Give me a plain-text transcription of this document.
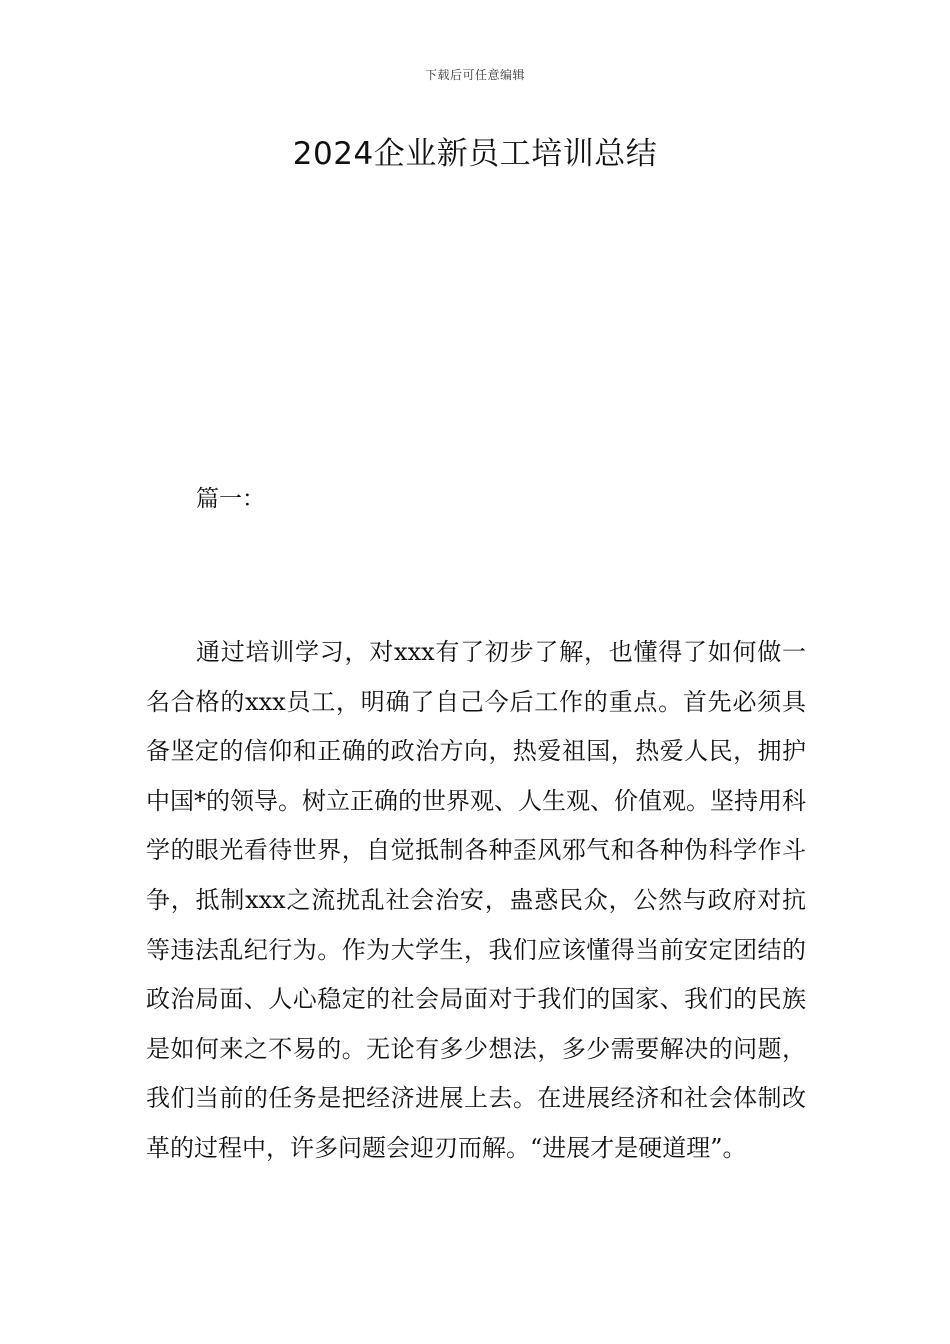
下载后可任意编辑
2024企业新员工培训总结

篇一：

通过培训学习，对xxx有了初步了解，也懂得了如何做一名合格的xxx员工，明确了自己今后工作的重点。首先必须具备坚定的信仰和正确的政治方向，热爱祖国，热爱人民，拥护中国*的领导。树立正确的世界观、人生观、价值观。坚持用科学的眼光看待世界，自觉抵制各种歪风邪气和各种伪科学作斗争，抵制xxx之流扰乱社会治安，蛊惑民众，公然与政府对抗等违法乱纪行为。作为大学生，我们应该懂得当前安定团结的政治局面、人心稳定的社会局面对于我们的国家、我们的民族是如何来之不易的。无论有多少想法，多少需要解决的问题，我们当前的任务是把经济进展上去。在进展经济和社会体制改革的过程中，许多问题会迎刃而解。“进展才是硬道理”。
